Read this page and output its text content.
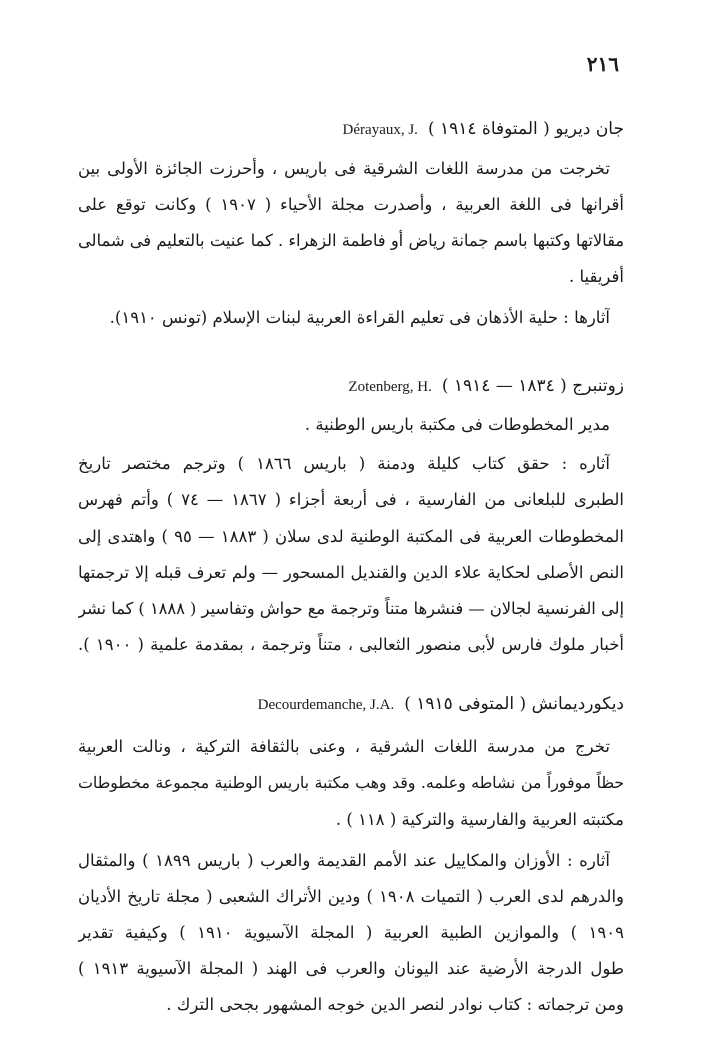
٢١٦
جان ديريو ( المتوفاة ١٩١٤ )
Dérayaux, J.
تخرجت من مدرسة اللغات الشرقية فى باريس ، وأحرزت الجائزة الأولى بين
أقرانها فى اللغة العربية ، وأصدرت مجلة الأحياء ( ١٩٠٧ ) وكانت توقع على
مقالاتها وكتبها باسم جمانة رياض أو فاطمة الزهراء . كما عنيت بالتعليم فى شمالى
أفريقيا .
آثارها : حلية الأذهان فى تعليم القراءة العربية لبنات الإسلام (تونس ١٩١٠).
زوتنبرج ( ١٨٣٤ — ١٩١٤ )
Zotenberg, H.
مدير المخطوطات فى مكتبة باريس الوطنية .
آثاره : حقق كتاب كليلة ودمنة ( باريس ١٨٦٦ ) وترجم مختصر تاريخ
الطبرى للبلعانى من الفارسية ، فى أربعة أجزاء ( ١٨٦٧ — ٧٤ ) وأتم فهرس
المخطوطات العربية فى المكتبة الوطنية لدى سلان ( ١٨٨٣ — ٩٥ ) واهتدى إلى
النص الأصلى لحكاية علاء الدين والقنديل المسحور — ولم تعرف قبله إلا ترجمتها
إلى الفرنسية لجالان — فنشرها متناً وترجمة مع حواش وتفاسير ( ١٨٨٨ ) كما نشر
أخبار ملوك فارس لأبى منصور الثعالبى ، متناً وترجمة ، بمقدمة علمية ( ١٩٠٠ ).
ديكورديمانش ( المتوفى ١٩١٥ )
Decourdemanche, J.A.
تخرج من مدرسة اللغات الشرقية ، وعنى بالثقافة التركية ، ونالت العربية
حظاً موفوراً من نشاطه وعلمه. وقد وهب مكتبة باريس الوطنية مجموعة مخطوطات
مكتبته العربية والفارسية والتركية ( ١١٨ ) .
آثاره : الأوزان والمكاييل عند الأمم القديمة والعرب ( باريس ١٨٩٩ ) والمثقال
والدرهم لدى العرب ( التميات ١٩٠٨ ) ودين الأتراك الشعبى ( مجلة تاريخ الأديان
١٩٠٩ ) والموازين الطبية العربية ( المجلة الآسيوية ١٩١٠ ) وكيفية تقدير
طول الدرجة الأرضية عند اليونان والعرب فى الهند ( المجلة الآسيوية ١٩١٣ )
ومن ترجماته : كتاب نوادر لنصر الدين خوجه المشهور بجحى الترك .
